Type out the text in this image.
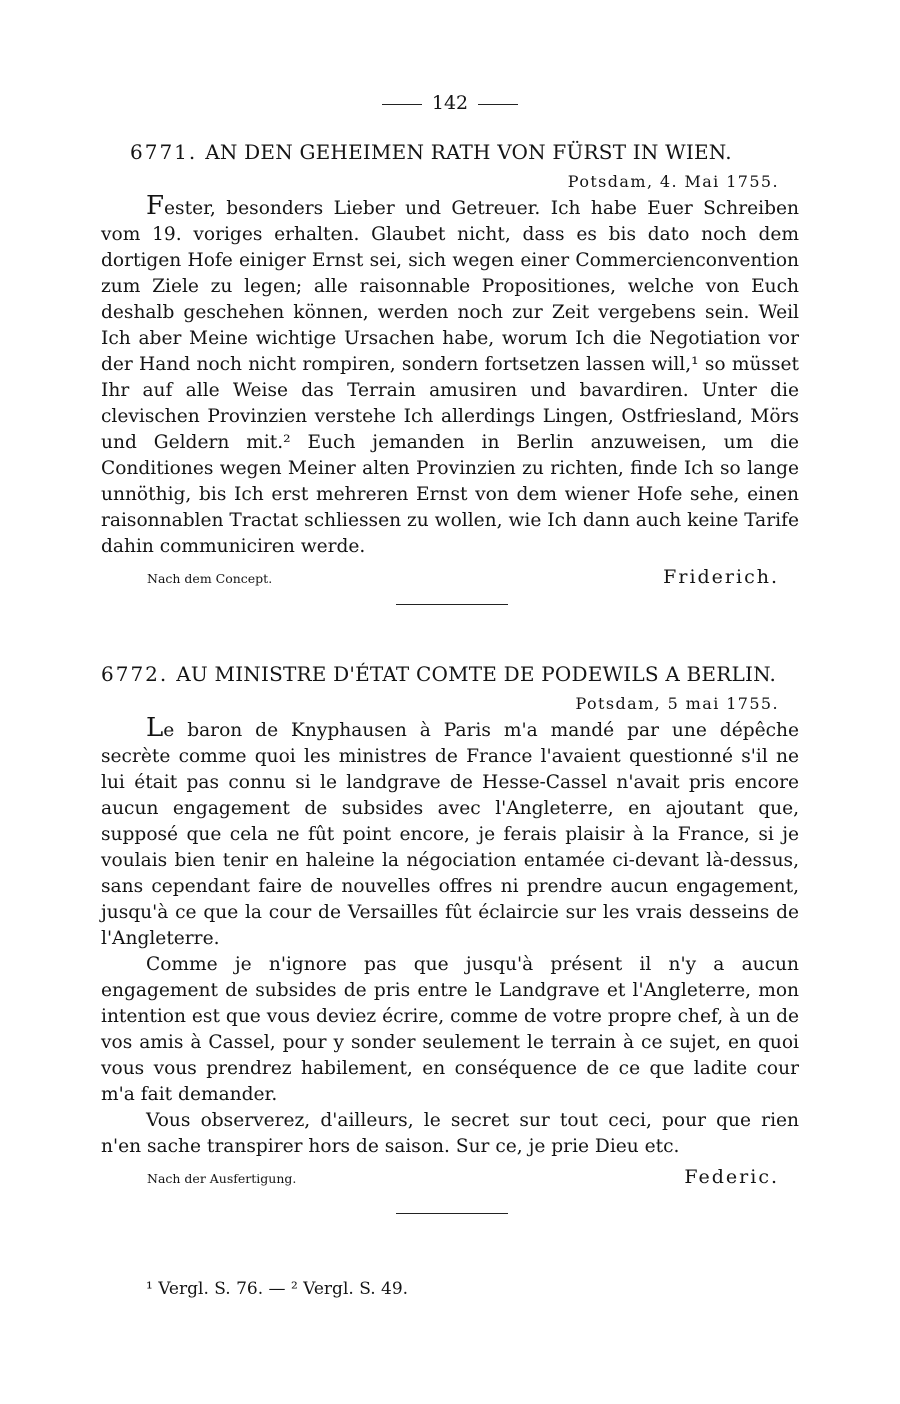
142
6771. AN DEN GEHEIMEN RATH VON FÜRST IN WIEN.
Potsdam, 4. Mai 1755.

Fester, besonders Lieber und Getreuer. Ich habe Euer Schreiben vom 19. voriges erhalten. Glaubet nicht, dass es bis dato noch dem dortigen Hofe einiger Ernst sei, sich wegen einer Commercienconvention zum Ziele zu legen; alle raisonnable Propositiones, welche von Euch deshalb geschehen können, werden noch zur Zeit vergebens sein. Weil Ich aber Meine wichtige Ursachen habe, worum Ich die Negotiation vor der Hand noch nicht rompiren, sondern fortsetzen lassen will,¹ so müsset Ihr auf alle Weise das Terrain amusiren und bavardiren. Unter die clevischen Provinzien verstehe Ich allerdings Lingen, Ostfriesland, Mörs und Geldern mit.² Euch jemanden in Berlin anzuweisen, um die Conditiones wegen Meiner alten Provinzien zu richten, finde Ich so lange unnöthig, bis Ich erst mehreren Ernst von dem wiener Hofe sehe, einen raisonnablen Tractat schliessen zu wollen, wie Ich dann auch keine Tarife dahin communiciren werde.

Nach dem Concept.	Friderich.
6772. AU MINISTRE D'ÉTAT COMTE DE PODEWILS A BERLIN.
Potsdam, 5 mai 1755.

Le baron de Knyphausen à Paris m'a mandé par une dépêche secrète comme quoi les ministres de France l'avaient questionné s'il ne lui était pas connu si le landgrave de Hesse-Cassel n'avait pris encore aucun engagement de subsides avec l'Angleterre, en ajoutant que, supposé que cela ne fût point encore, je ferais plaisir à la France, si je voulais bien tenir en haleine la négociation entamée ci-devant là-dessus, sans cependant faire de nouvelles offres ni prendre aucun engagement, jusqu'à ce que la cour de Versailles fût éclaircie sur les vrais desseins de l'Angleterre.

Comme je n'ignore pas que jusqu'à présent il n'y a aucun engagement de subsides de pris entre le Landgrave et l'Angleterre, mon intention est que vous deviez écrire, comme de votre propre chef, à un de vos amis à Cassel, pour y sonder seulement le terrain à ce sujet, en quoi vous vous prendrez habilement, en conséquence de ce que ladite cour m'a fait demander.

Vous observerez, d'ailleurs, le secret sur tout ceci, pour que rien n'en sache transpirer hors de saison. Sur ce, je prie Dieu etc.

Nach der Ausfertigung.	Federic.
¹ Vergl. S. 76. — ² Vergl. S. 49.
